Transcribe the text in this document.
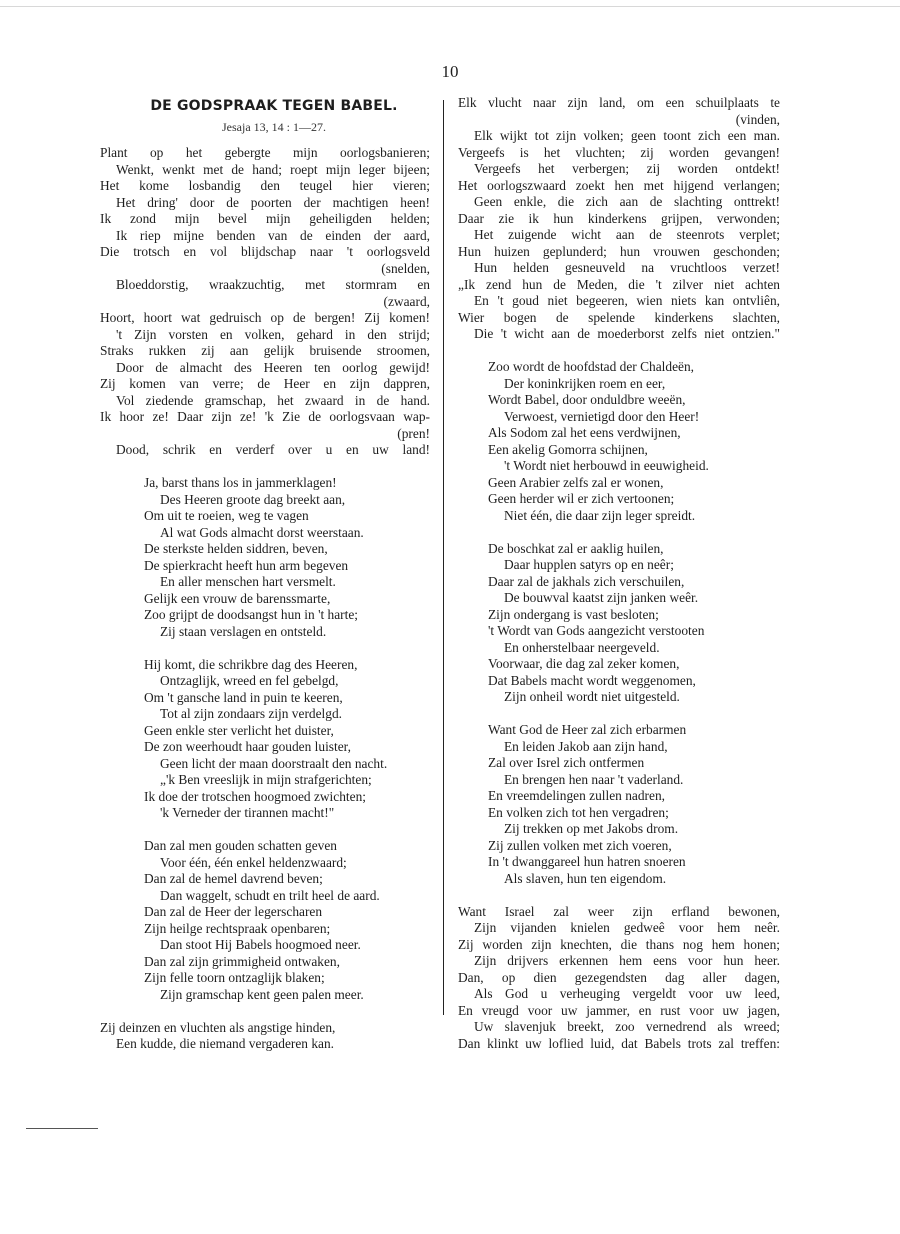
10
DE GODSPRAAK TEGEN BABEL.
Jesaja 13, 14 : 1—27.
Plant op het gebergte mijn oorlogsbanieren;
Wenkt, wenkt met de hand; roept mijn leger bijeen;
Het kome losbandig den teugel hier vieren;
Het dring' door de poorten der machtigen heen!
Ik zond mijn bevel mijn geheiligden helden;
Ik riep mijne benden van de einden der aard,
Die trotsch en vol blijdschap naar 't oorlogsveld
(snelden,
Bloeddorstig, wraakzuchtig, met stormram en
(zwaard,
Hoort, hoort wat gedruisch op de bergen! Zij komen!
't Zijn vorsten en volken, gehard in den strijd;
Straks rukken zij aan gelijk bruisende stroomen,
Door de almacht des Heeren ten oorlog gewijd!
Zij komen van verre; de Heer en zijn dappren,
Vol ziedende gramschap, het zwaard in de hand.
Ik hoor ze! Daar zijn ze! 'k Zie de oorlogsvaan wap-
(pren!
Dood, schrik en verderf over u en uw land!
Ja, barst thans los in jammerklagen!
Des Heeren groote dag breekt aan,
Om uit te roeien, weg te vagen
Al wat Gods almacht dorst weerstaan.
De sterkste helden siddren, beven,
De spierkracht heeft hun arm begeven
En aller menschen hart versmelt.
Gelijk een vrouw de barenssmarte,
Zoo grijpt de doodsangst hun in 't harte;
Zij staan verslagen en ontsteld.
Hij komt, die schrikbre dag des Heeren,
Ontzaglijk, wreed en fel gebelgd,
Om 't gansche land in puin te keeren,
Tot al zijn zondaars zijn verdelgd.
Geen enkle ster verlicht het duister,
De zon weerhoudt haar gouden luister,
Geen licht der maan doorstraalt den nacht.
„'k Ben vreeslijk in mijn strafgerichten;
Ik doe der trotschen hoogmoed zwichten;
'k Verneder der tirannen macht!"
Dan zal men gouden schatten geven
Voor één, één enkel heldenzwaard;
Dan zal de hemel davrend beven;
Dan waggelt, schudt en trilt heel de aard.
Dan zal de Heer der legerscharen
Zijn heilge rechtspraak openbaren;
Dan stoot Hij Babels hoogmoed neer.
Dan zal zijn grimmigheid ontwaken,
Zijn felle toorn ontzaglijk blaken;
Zijn gramschap kent geen palen meer.
Zij deinzen en vluchten als angstige hinden,
Een kudde, die niemand vergaderen kan.
Elk vlucht naar zijn land, om een schuilplaats te
(vinden,
Elk wijkt tot zijn volken; geen toont zich een man.
Vergeefs is het vluchten; zij worden gevangen!
Vergeefs het verbergen; zij worden ontdekt!
Het oorlogszwaard zoekt hen met hijgend verlangen;
Geen enkle, die zich aan de slachting onttrekt!
Daar zie ik hun kinderkens grijpen, verwonden;
Het zuigende wicht aan de steenrots verplet;
Hun huizen geplunderd; hun vrouwen geschonden;
Hun helden gesneuveld na vruchtloos verzet!
„Ik zend hun de Meden, die 't zilver niet achten
En 't goud niet begeeren, wien niets kan ontvliên,
Wier bogen de spelende kinderkens slachten,
Die 't wicht aan de moederborst zelfs niet ontzien."
Zoo wordt de hoofdstad der Chaldeën,
Der koninkrijken roem en eer,
Wordt Babel, door onduldbre weeën,
Verwoest, vernietigd door den Heer!
Als Sodom zal het eens verdwijnen,
Een akelig Gomorra schijnen,
't Wordt niet herbouwd in eeuwigheid.
Geen Arabier zelfs zal er wonen,
Geen herder wil er zich vertoonen;
Niet één, die daar zijn leger spreidt.
De boschkat zal er aaklig huilen,
Daar hupplen satyrs op en neêr;
Daar zal de jakhals zich verschuilen,
De bouwval kaatst zijn janken weêr.
Zijn ondergang is vast besloten;
't Wordt van Gods aangezicht verstooten
En onherstelbaar neergeveld.
Voorwaar, die dag zal zeker komen,
Dat Babels macht wordt weggenomen,
Zijn onheil wordt niet uitgesteld.
Want God de Heer zal zich erbarmen
En leiden Jakob aan zijn hand,
Zal over Isrel zich ontfermen
En brengen hen naar 't vaderland.
En vreemdelingen zullen nadren,
En volken zich tot hen vergadren;
Zij trekken op met Jakobs drom.
Zij zullen volken met zich voeren,
In 't dwanggareel hun hatren snoeren
Als slaven, hun ten eigendom.
Want Israel zal weer zijn erfland bewonen,
Zijn vijanden knielen gedweê voor hem neêr.
Zij worden zijn knechten, die thans nog hem honen;
Zijn drijvers erkennen hem eens voor hun heer.
Dan, op dien gezegendsten dag aller dagen,
Als God u verheuging vergeldt voor uw leed,
En vreugd voor uw jammer, en rust voor uw jagen,
Uw slavenjuk breekt, zoo vernedrend als wreed;
Dan klinkt uw loflied luid, dat Babels trots zal treffen:
